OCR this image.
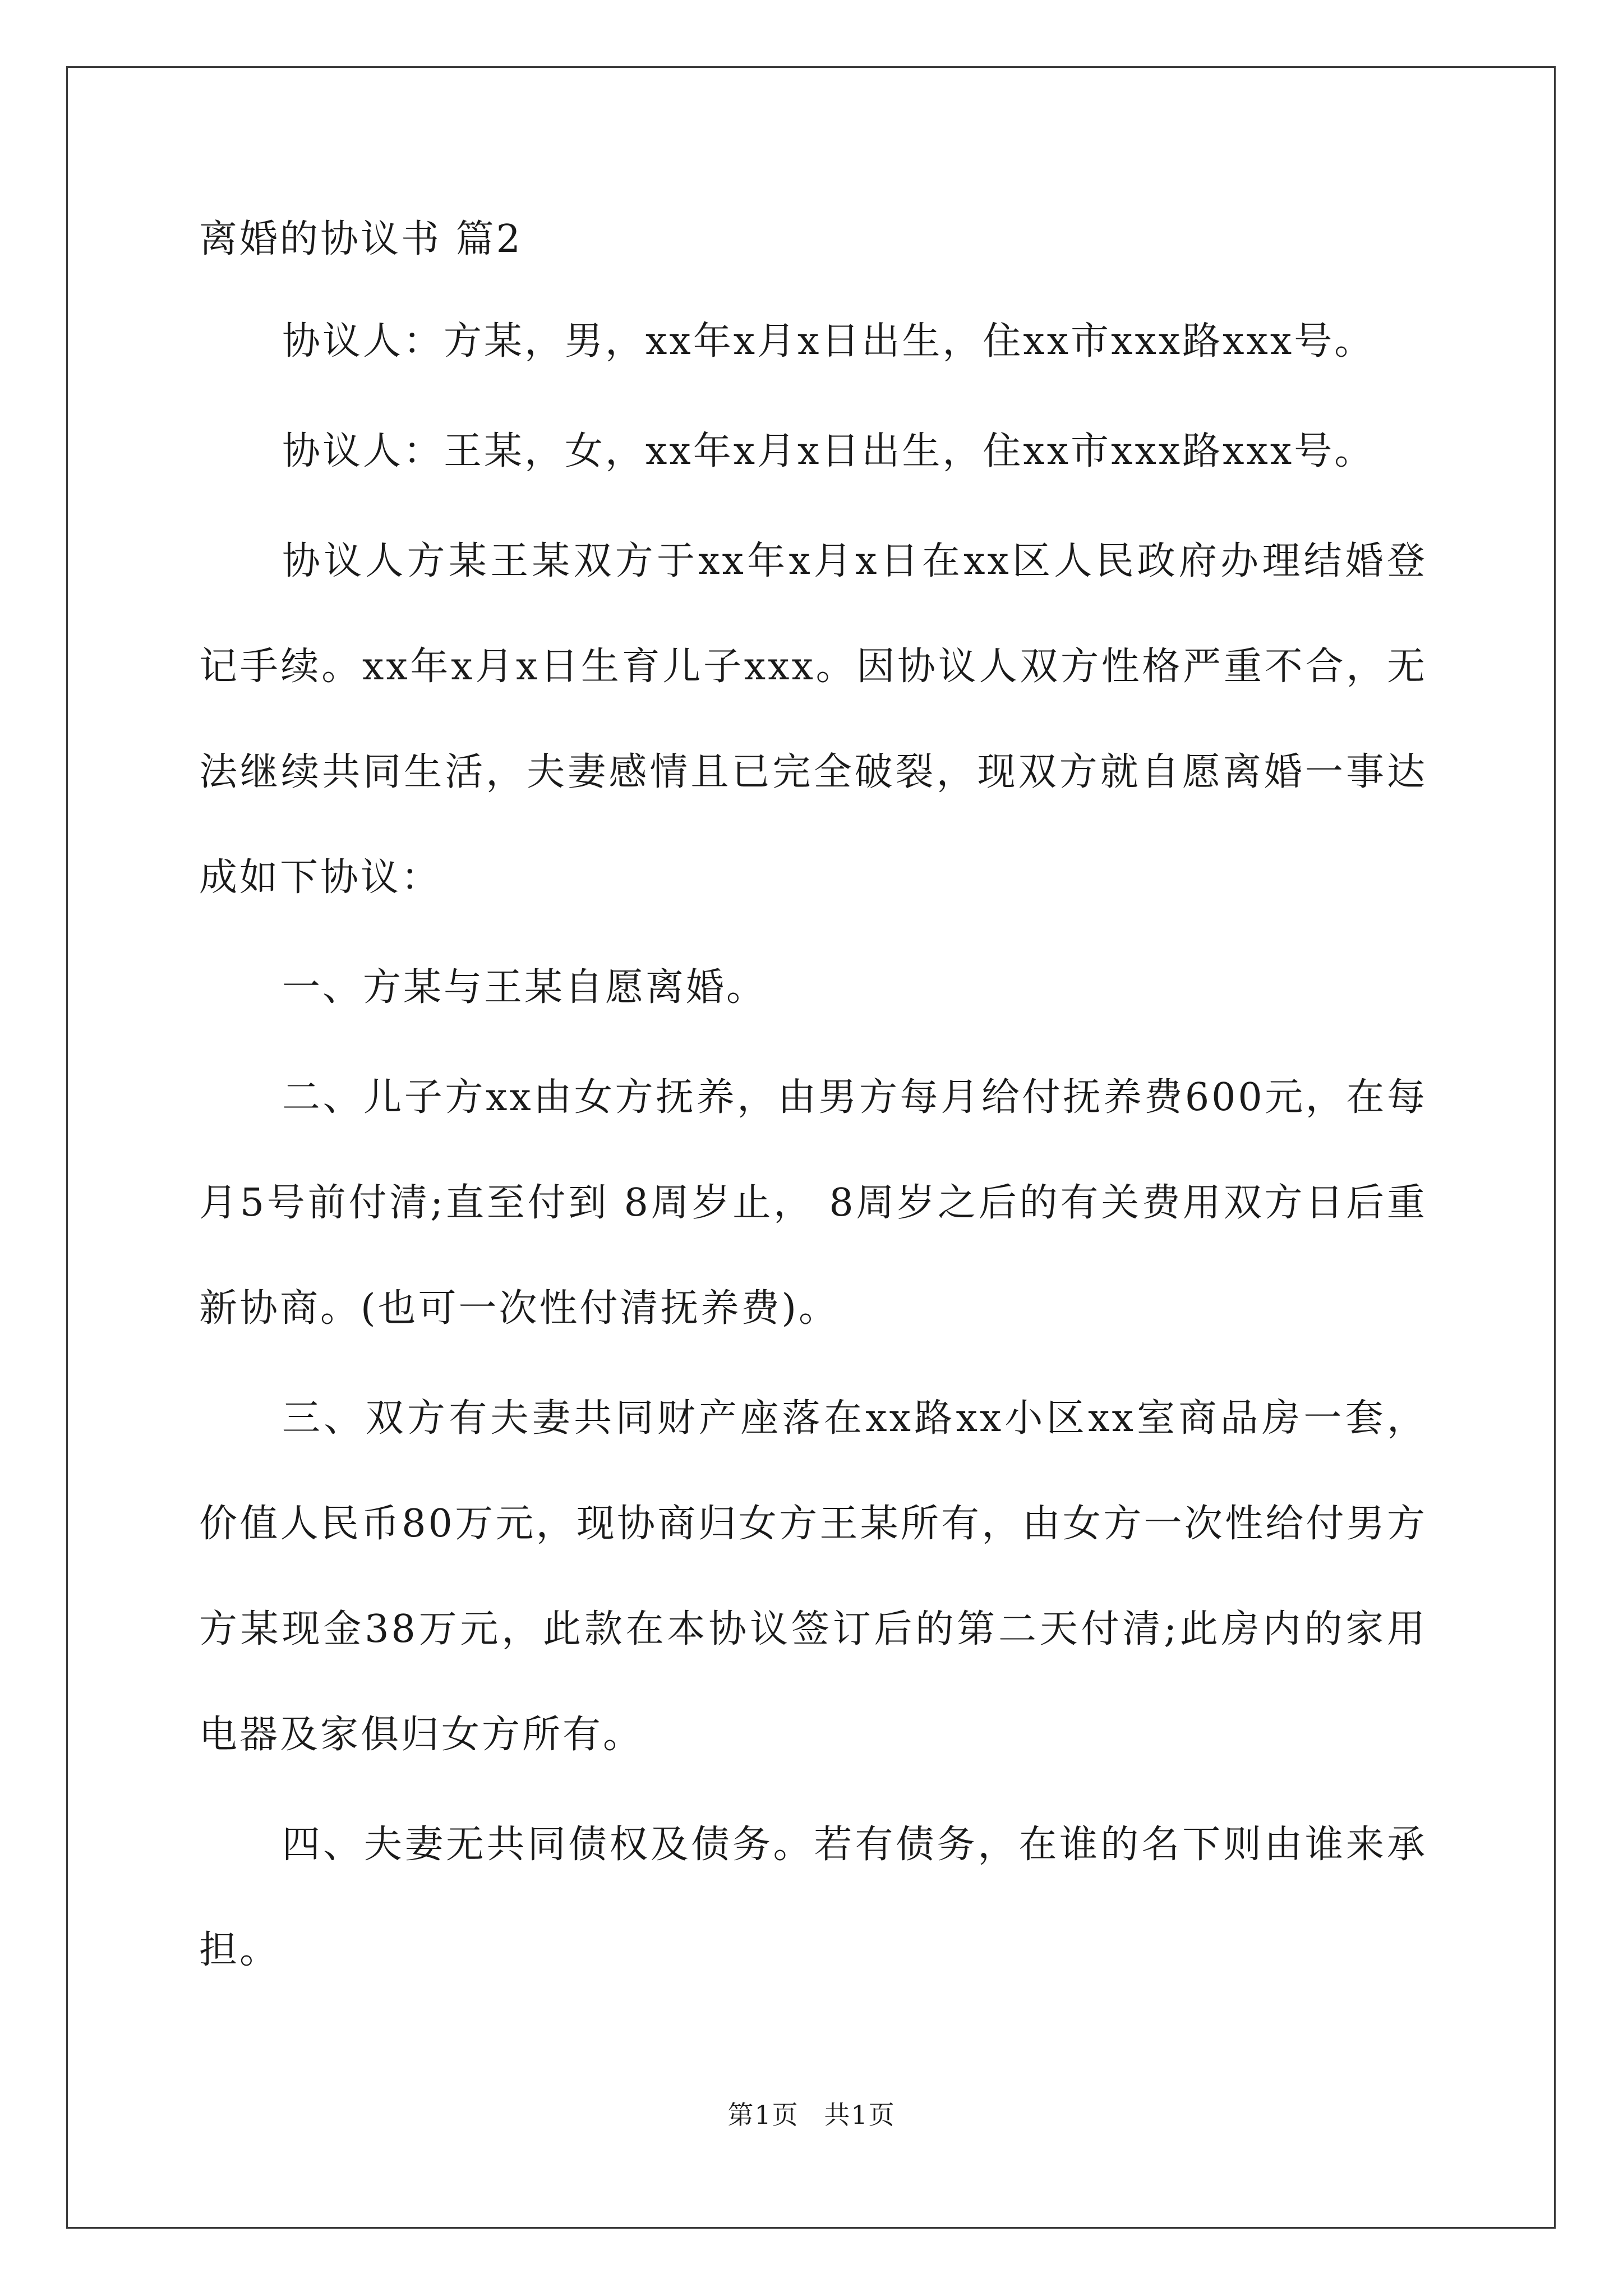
离婚的协议书 篇2

协议人：方某，男，xx年x月x日出生，住xx市xxx路xxx号。

协议人：王某，女，xx年x月x日出生，住xx市xxx路xxx号。

协议人方某王某双方于xx年x月x日在xx区人民政府办理结婚登记手续。xx年x月x日生育儿子xxx。因协议人双方性格严重不合，无法继续共同生活，夫妻感情且已完全破裂，现双方就自愿离婚一事达成如下协议：

一、方某与王某自愿离婚。

二、儿子方xx由女方抚养，由男方每月给付抚养费600元，在每月5号前付清;直至付到 8周岁止， 8周岁之后的有关费用双方日后重新协商。(也可一次性付清抚养费)。

三、双方有夫妻共同财产座落在xx路xx小区xx室商品房一套，价值人民币80万元，现协商归女方王某所有，由女方一次性给付男方方某现金38万元，此款在本协议签订后的第二天付清;此房内的家用电器及家俱归女方所有。

四、夫妻无共同债权及债务。若有债务，在谁的名下则由谁来承担。

第1页 共1页
